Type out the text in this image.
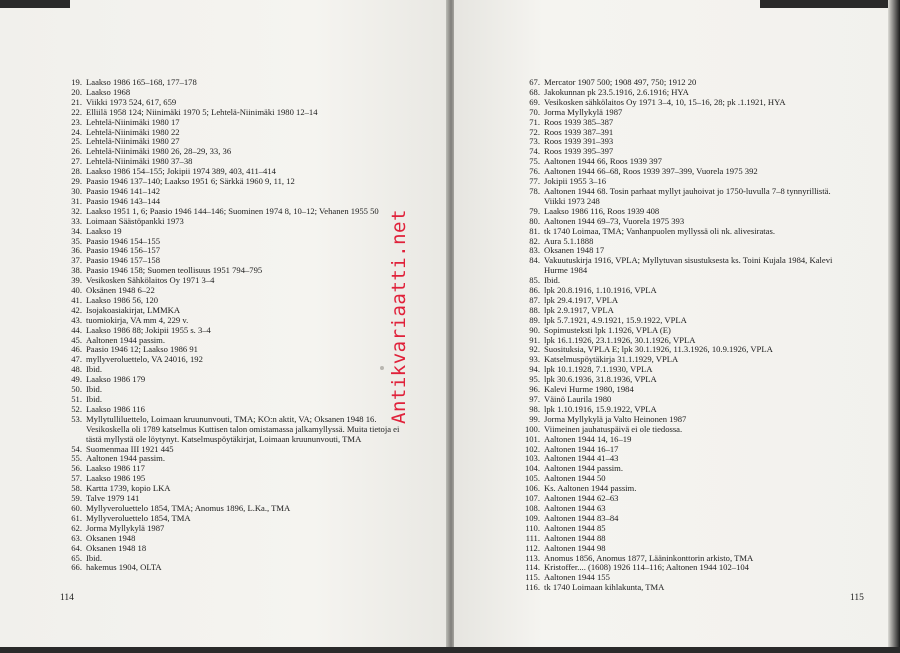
19. Laakso 1986 165–168, 177–178
20. Laakso 1968
21. Viikki 1973 524, 617, 659
22. Elliilä 1958 124; Niinimäki 1970 5; Lehtelä-Niinimäki 1980 12–14
23. Lehtelä-Niinimäki 1980 17
24. Lehtelä-Niinimäki 1980 22
25. Lehtelä-Niinimäki 1980 27
26. Lehtelä-Niinimäki 1980 26, 28–29, 33, 36
27. Lehtelä-Niinimäki 1980 37–38
28. Laakso 1986 154–155; Jokipii 1974 389, 403, 411–414
29. Paasio 1946 137–140; Laakso 1951 6; Särkkä 1960 9, 11, 12
30. Paasio 1946 141–142
31. Paasio 1946 143–144
32. Laakso 1951 1, 6; Paasio 1946 144–146; Suominen 1974 8, 10–12; Vehanen 1955 50
33. Loimaan Säästöpankki 1973
34. Laakso 19
35. Paasio 1946 154–155
36. Paasio 1946 156–157
37. Paasio 1946 157–158
38. Paasio 1946 158; Suomen teollisuus 1951 794–795
39. Vesikosken Sähkölaitos Oy 1971 3–4
40. Oksänen 1948 6–22
41. Laakso 1986 56, 120
42. Isojakoasiakirjat, LMMKA
43. tuomiokirja, VA mm 4, 229 v.
44. Laakso 1986 88; Jokipii 1955 s. 3–4
45. Aaltonen 1944 passim.
46. Paasio 1946 12; Laakso 1986 91
47. myllyveroluettelo, VA 24016, 192
48. Ibid.
49. Laakso 1986 179
50. Ibid.
51. Ibid.
52. Laakso 1986 116
53. Myllytulliluettelo, Loimaan kruununvouti, TMA; KO:n aktit, VA; Oksanen 1948 16. Vesikoskella oli 1789 katselmus Kuttisen talon omistamassa jalkamyllyssä. Muita tietoja ei tästä myllystä ole löytynyt. Katselmuspöytäkirjat, Loimaan kruununvouti, TMA
54. Suomenmaa III 1921 445
55. Aaltonen 1944 passim.
56. Laakso 1986 117
57. Laakso 1986 195
58. Kartta 1739, kopio LKA
59. Talve 1979 141
60. Myllyveroluettelo 1854, TMA; Anomus 1896, L.Ka., TMA
61. Myllyveroluettelo 1854, TMA
62. Jorma Myllykylä 1987
63. Oksanen 1948
64. Oksanen 1948 18
65. Ibid.
66. hakemus 1904, OLTA
114
67. Mercator 1907 500; 1908 497, 750; 1912 20
68. Jakokunnan pk 23.5.1916, 2.6.1916; HYA
69. Vesikosken sähkölaitos Oy 1971 3–4, 10, 15–16, 28; pk .1.1921, HYA
70. Jorma Myllykylä 1987
71. Roos 1939 385–387
72. Roos 1939 387–391
73. Roos 1939 391–393
74. Roos 1939 395–397
75. Aaltonen 1944 66, Roos 1939 397
76. Aaltonen 1944 66–68, Roos 1939 397–399, Vuorela 1975 392
77. Jokipii 1955 3–16
78. Aaltonen 1944 68. Tosin parhaat myllyt jauhoivat jo 1750-luvulla 7–8 tynnyrillistä. Viikki 1973 248
79. Laakso 1986 116, Roos 1939 408
80. Aaltonen 1944 69–73, Vuorela 1975 393
81. tk 1740 Loimaa, TMA; Vanhanpuolen myllyssä oli nk. alivesiratas.
82. Aura 5.1.1888
83. Oksanen 1948 17
84. Vakuutuskirja 1916, VPLA; Myllytuvan sisustuksesta ks. Toini Kujala 1984, Kalevi Hurme 1984
85. Ibid.
86. lpk 20.8.1916, 1.10.1916, VPLA
87. lpk 29.4.1917, VPLA
88. lpk 2.9.1917, VPLA
89. lpk 5.7.1921, 4.9.1921, 15.9.1922, VPLA
90. Sopimusteksti lpk 1.1926, VPLA (E)
91. lpk 16.1.1926, 23.1.1926, 30.1.1926, VPLA
92. Suosituksia, VPLA E; lpk 30.1.1926, 11.3.1926, 10.9.1926, VPLA
93. Katselmuspöytäkirja 31.1.1929, VPLA
94. lpk 10.1.1928, 7.1.1930, VPLA
95. lpk 30.6.1936, 31.8.1936, VPLA
96. Kalevi Hurme 1980, 1984
97. Väinö Laurila 1980
98. lpk 1.10.1916, 15.9.1922, VPLA
99. Jorma Myllykylä ja Valto Heinonen 1987
100. Viimeinen jauhatuspäivä ei ole tiedossa.
101. Aaltonen 1944 14, 16–19
102. Aaltonen 1944 16–17
103. Aaltonen 1944 41–43
104. Aaltonen 1944 passim.
105. Aaltonen 1944 50
106. Ks. Aaltonen 1944 passim.
107. Aaltonen 1944 62–63
108. Aaltonen 1944 63
109. Aaltonen 1944 83–84
110. Aaltonen 1944 85
111. Aaltonen 1944 88
112. Aaltonen 1944 98
113. Anomus 1856, Anomus 1877, Lääninkonttorin arkisto, TMA
114. Kristoffer.... (1608) 1926 114–116; Aaltonen 1944 102–104
115. Aaltonen 1944 155
116. tk 1740 Loimaan kihlakunta, TMA
115
Antikvariaatti.net
